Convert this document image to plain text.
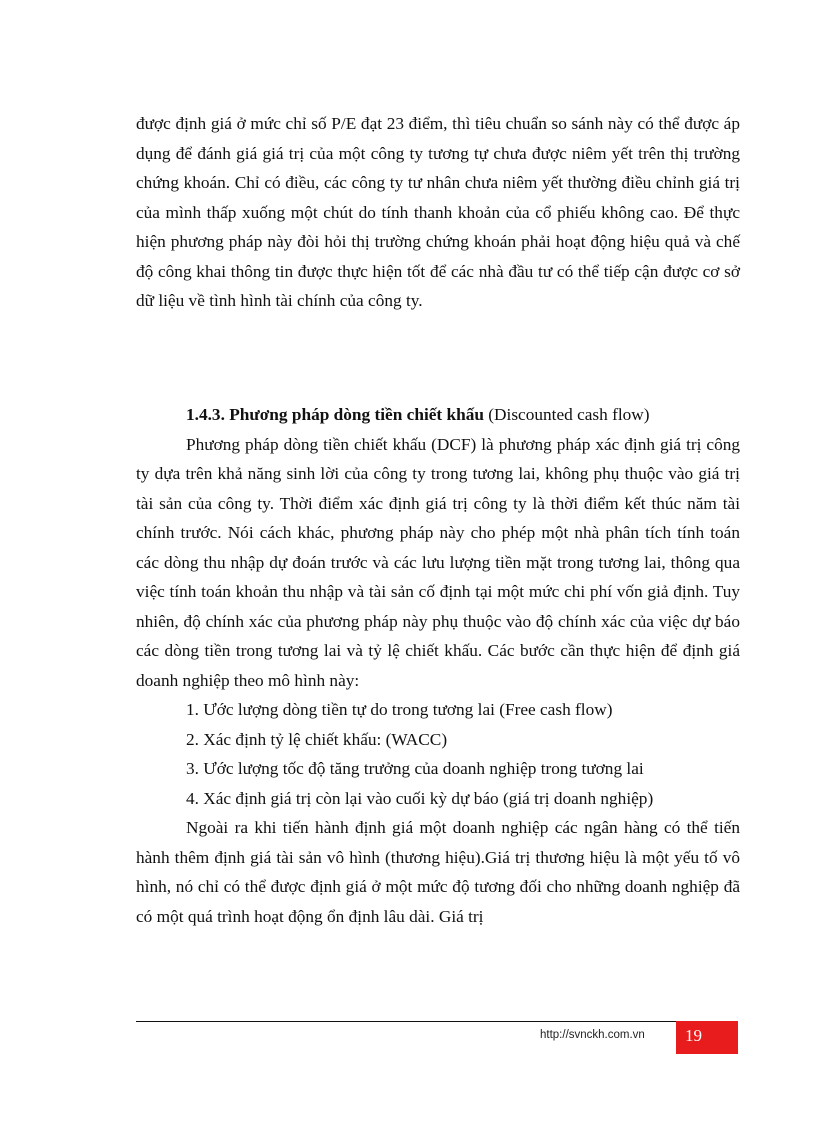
được định giá ở mức chỉ số P/E đạt 23 điểm, thì tiêu chuẩn so sánh này có thể được áp dụng để đánh giá giá trị của một công ty tương tự chưa được niêm yết trên thị trường chứng khoán. Chỉ có điều, các công ty tư nhân chưa niêm yết thường điều chỉnh giá trị của mình thấp xuống một chút do tính thanh khoản của cổ phiếu không cao. Để thực hiện phương pháp này đòi hỏi thị trường chứng khoán phải hoạt động hiệu quả và chế độ công khai thông tin được thực hiện tốt để các nhà đầu tư có thể tiếp cận được cơ sở dữ liệu về tình hình tài chính của công ty.

1.4.3. Phương pháp dòng tiền chiết khấu (Discounted cash flow)

Phương pháp dòng tiền chiết khấu (DCF) là phương pháp xác định giá trị công ty dựa trên khả năng sinh lời của công ty trong tương lai, không phụ thuộc vào giá trị tài sản của công ty. Thời điểm xác định giá trị công ty là thời điểm kết thúc năm tài chính trước. Nói cách khác, phương pháp này cho phép một nhà phân tích tính toán các dòng thu nhập dự đoán trước và các lưu lượng tiền mặt trong tương lai, thông qua việc tính toán khoản thu nhập và tài sản cố định tại một mức chi phí vốn giả định. Tuy nhiên, độ chính xác của phương pháp này phụ thuộc vào độ chính xác của việc dự báo các dòng tiền trong tương lai và tỷ lệ chiết khấu. Các bước cần thực hiện để định giá doanh nghiệp theo mô hình này:

1. Ước lượng dòng tiền tự do trong tương lai (Free cash flow)
2. Xác định tỷ lệ chiết khấu: (WACC)
3. Ước lượng tốc độ tăng trưởng của doanh nghiệp trong tương lai
4. Xác định giá trị còn lại vào cuối kỳ dự báo (giá trị doanh nghiệp)

Ngoài ra khi tiến hành định giá một doanh nghiệp các ngân hàng có thể tiến hành thêm định giá tài sản vô hình (thương hiệu).Giá trị thương hiệu là một yếu tố vô hình, nó chỉ có thể được định giá ở một mức độ tương đối cho những doanh nghiệp đã có một quá trình hoạt động ổn định lâu dài. Giá trị

http://svnckh.com.vn 19
